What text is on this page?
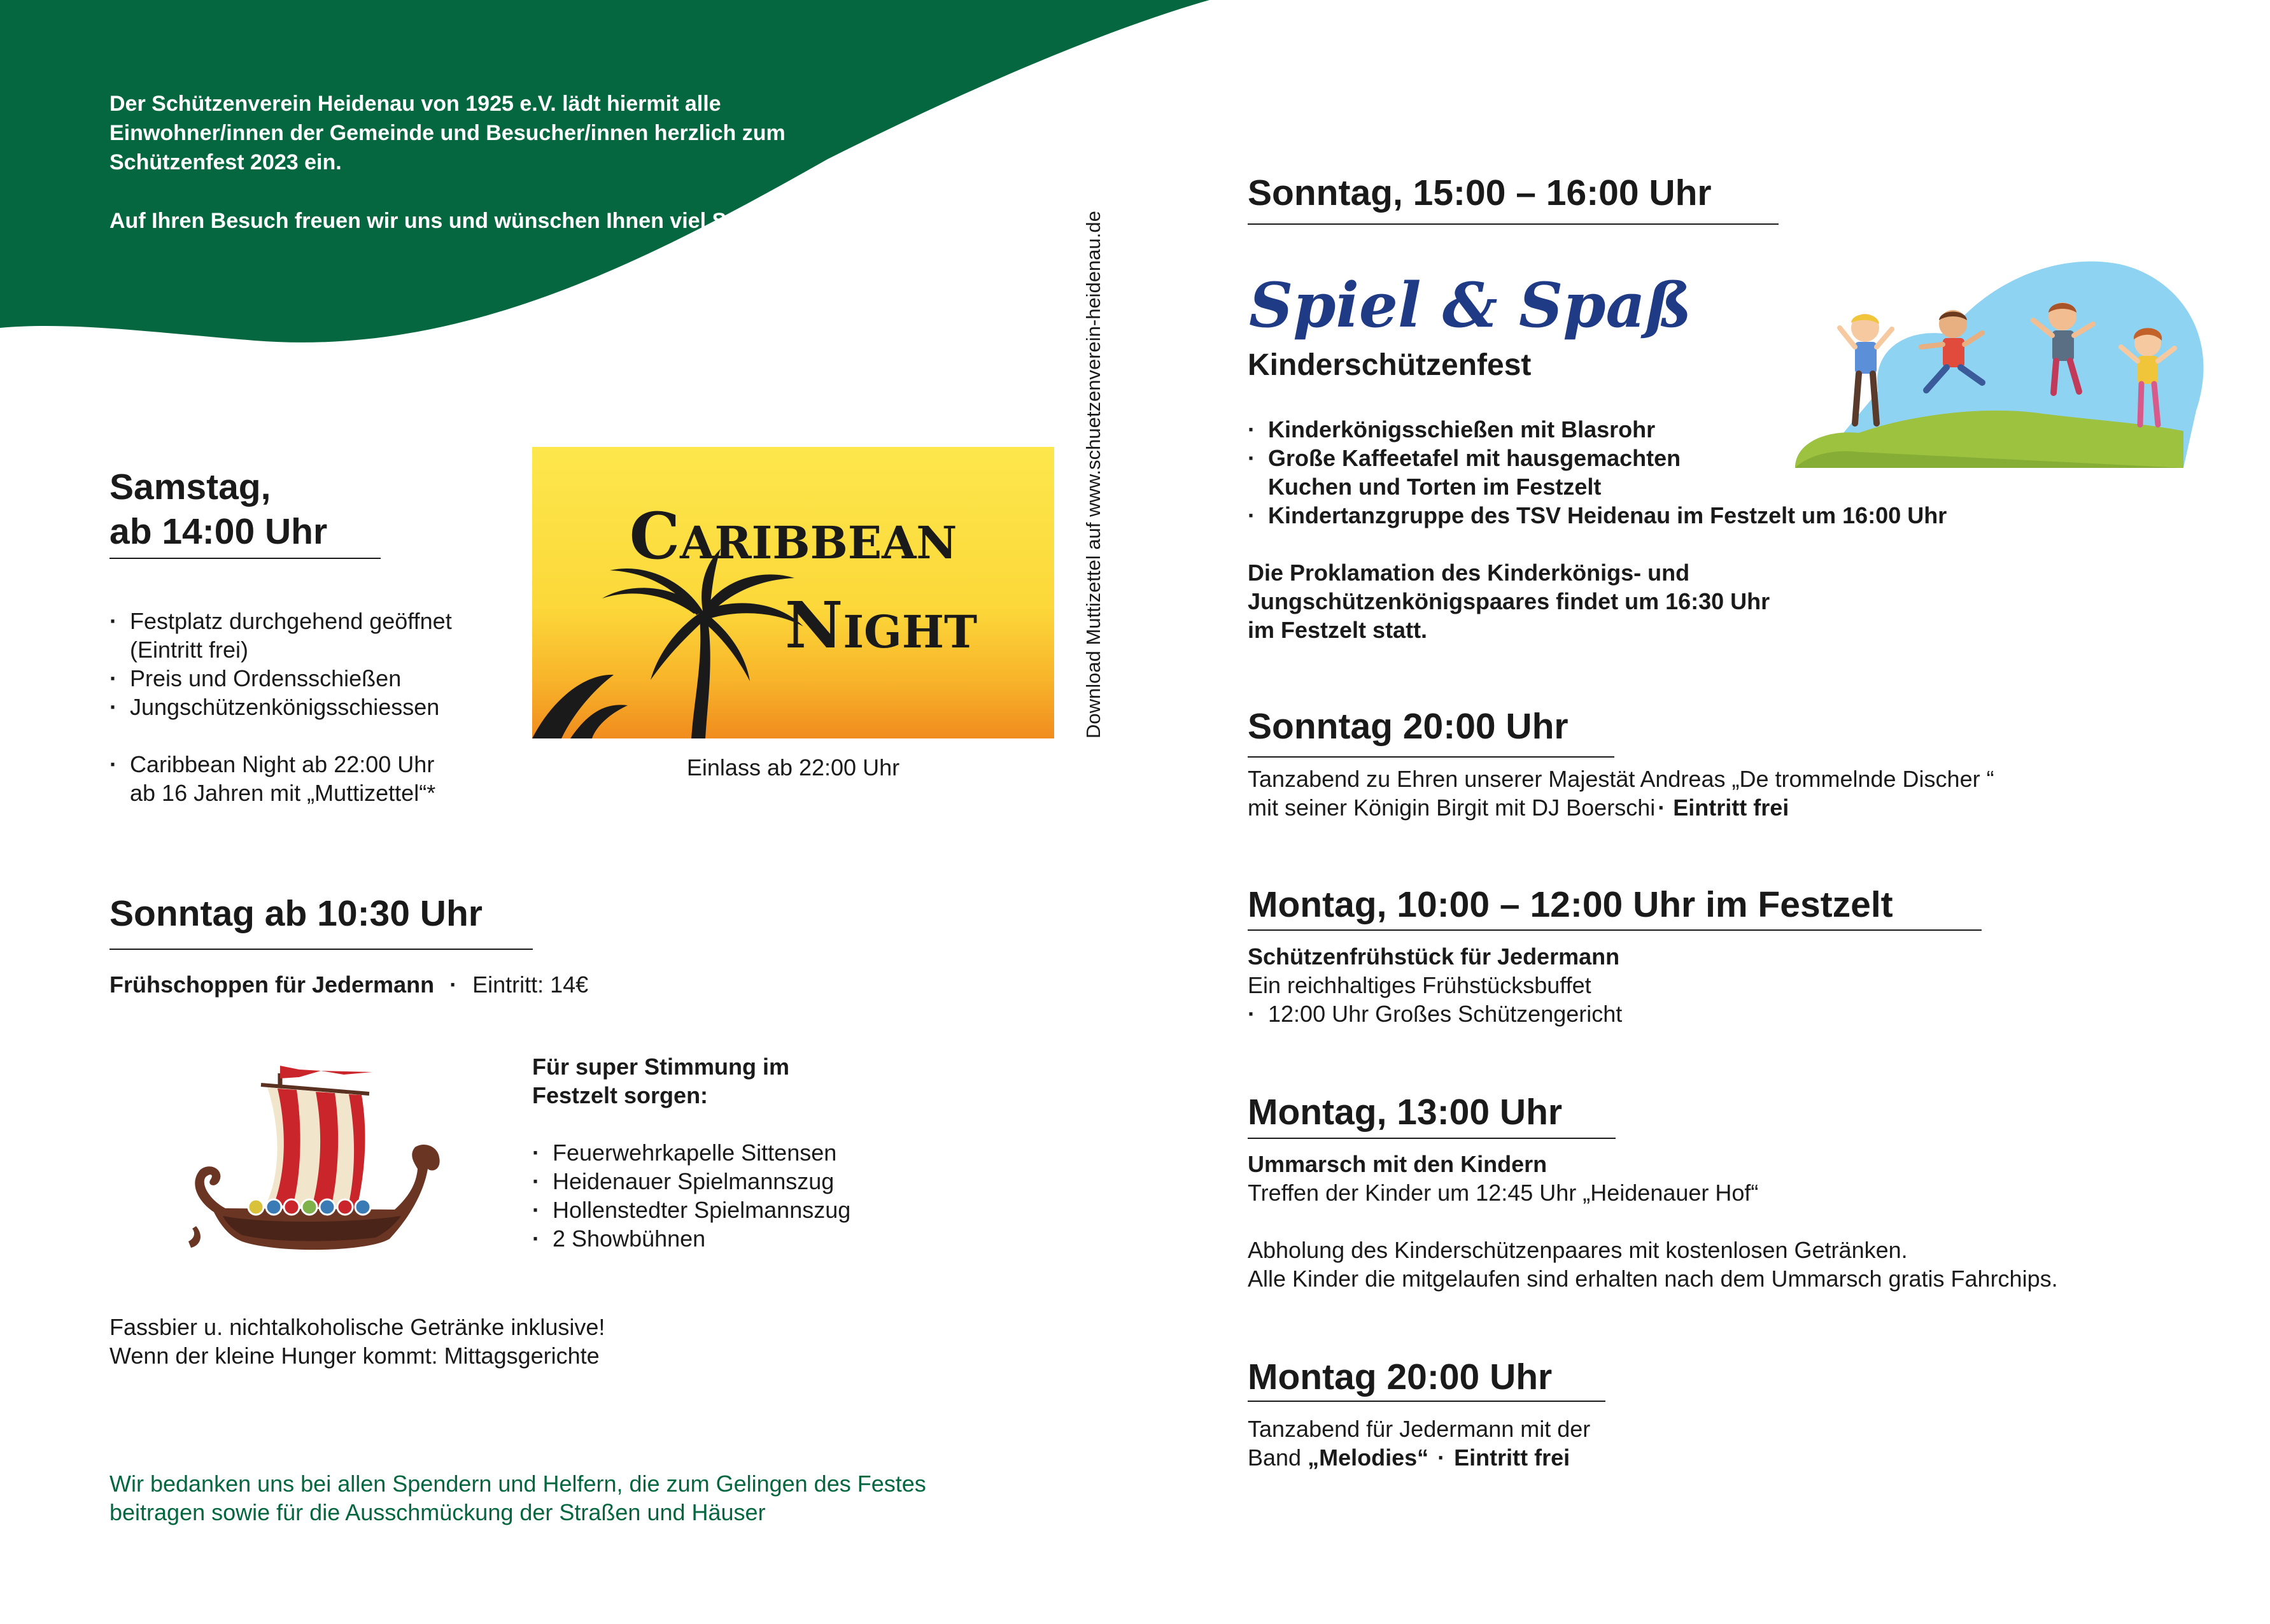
Der Schützenverein Heidenau von 1925 e.V. lädt hiermit alle Einwohner/innen der Gemeinde und Besucher/innen herzlich zum Schützenfest 2023 ein.

Auf Ihren Besuch freuen wir uns und wünschen Ihnen viel Spaß!	Download Muttizettel auf www.schuetzenverein-heidenau.de
Samstag,
ab 14:00 Uhr
· Festplatz durchgehend geöffnet
(Eintritt frei)
· Preis und Ordensschießen
· Jungschützenkönigsschiessen
· Caribbean Night ab 22:00 Uhr
ab 16 Jahren mit „Muttizettel“*
Caribbean
Night
Einlass ab 22:00 Uhr
Sonntag ab 10:30 Uhr
Frühschoppen für Jedermann · Eintritt: 14€
Für super Stimmung im
Festzelt sorgen:
· Feuerwehrkapelle Sittensen
· Heidenauer Spielmannszug
· Hollenstedter Spielmannszug
· 2 Showbühnen
Fassbier u. nichtalkoholische Getränke inklusive!
Wenn der kleine Hunger kommt: Mittagsgerichte
Wir bedanken uns bei allen Spendern und Helfern, die zum Gelingen des Festes
beitragen sowie für die Ausschmückung der Straßen und Häuser
Sonntag, 15:00 – 16:00 Uhr
Spiel & Spaß
Kinderschützenfest
· Kinderkönigsschießen mit Blasrohr
· Große Kaffeetafel mit hausgemachten
Kuchen und Torten im Festzelt
· Kindertanzgruppe des TSV Heidenau im Festzelt um 16:00 Uhr
Die Proklamation des Kinderkönigs- und
Jungschützenkönigspaares findet um 16:30 Uhr
im Festzelt statt.
Sonntag 20:00 Uhr
Tanzabend zu Ehren unserer Majestät Andreas „De trommelnde Discher “
mit seiner Königin Birgit mit DJ Boerschi · Eintritt frei
Montag, 10:00 – 12:00 Uhr im Festzelt
Schützenfrühstück für Jedermann
Ein reichhaltiges Frühstücksbuffet
· 12:00 Uhr Großes Schützengericht
Montag, 13:00 Uhr
Ummarsch mit den Kindern
Treffen der Kinder um 12:45 Uhr „Heidenauer Hof“
Abholung des Kinderschützenpaares mit kostenlosen Getränken.
Alle Kinder die mitgelaufen sind erhalten nach dem Ummarsch gratis Fahrchips.
Montag 20:00 Uhr
Tanzabend für Jedermann mit der
Band „Melodies“ · Eintritt frei
